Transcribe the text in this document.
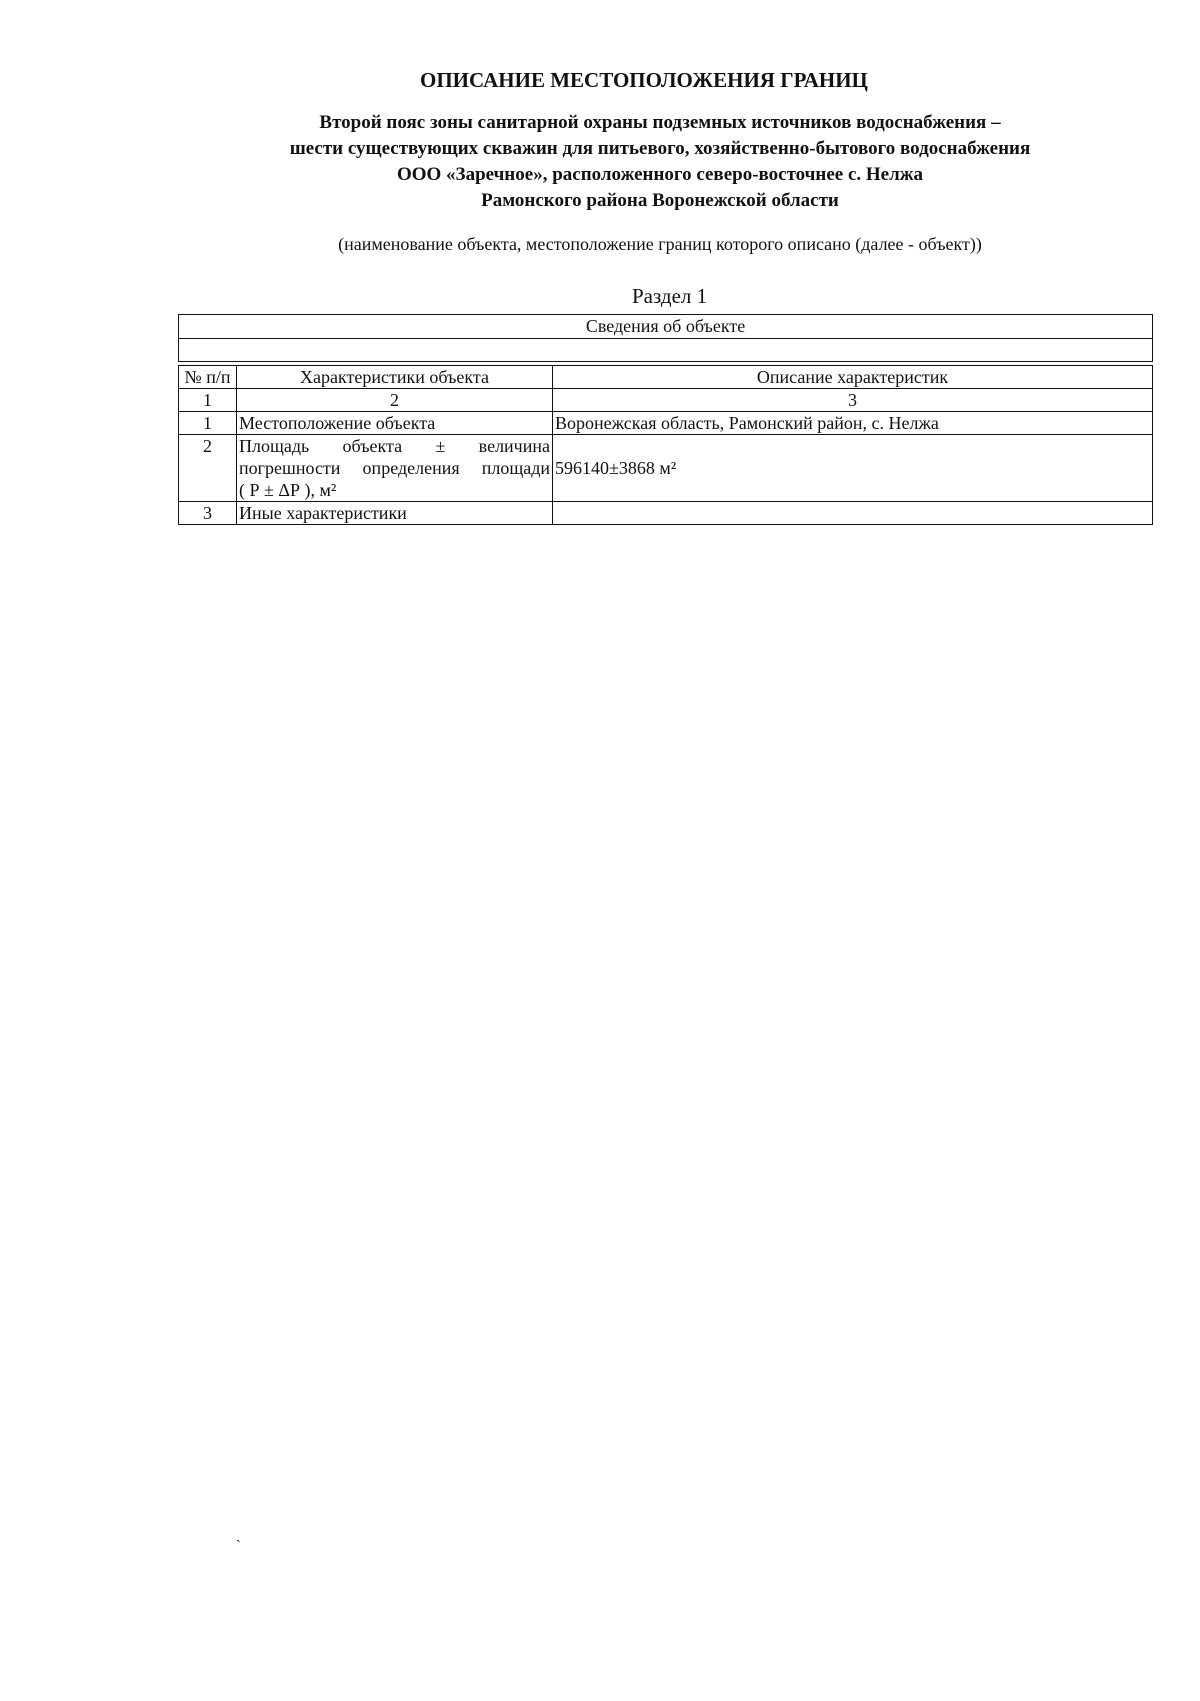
ОПИСАНИЕ МЕСТОПОЛОЖЕНИЯ ГРАНИЦ
Второй пояс зоны санитарной охраны подземных источников водоснабжения –
шести существующих скважин для питьевого, хозяйственно-бытового водоснабжения
ООО «Заречное», расположенного северо-восточнее с. Нелжа
Рамонского района Воронежской области
(наименование объекта, местоположение границ которого описано (далее - объект))
Раздел 1
Сведения об объекте		

№ п/п	Характеристики объекта	Описание характеристик
1	2	3
1	Местоположение объекта	Воронежская область, Рамонский район, с. Нелжа
2	Площадь объекта ± величина
погрешности определения площади
( Р ± ΔР ), м²	596140±3868 м²
3	Иные характеристики	
ˏ
